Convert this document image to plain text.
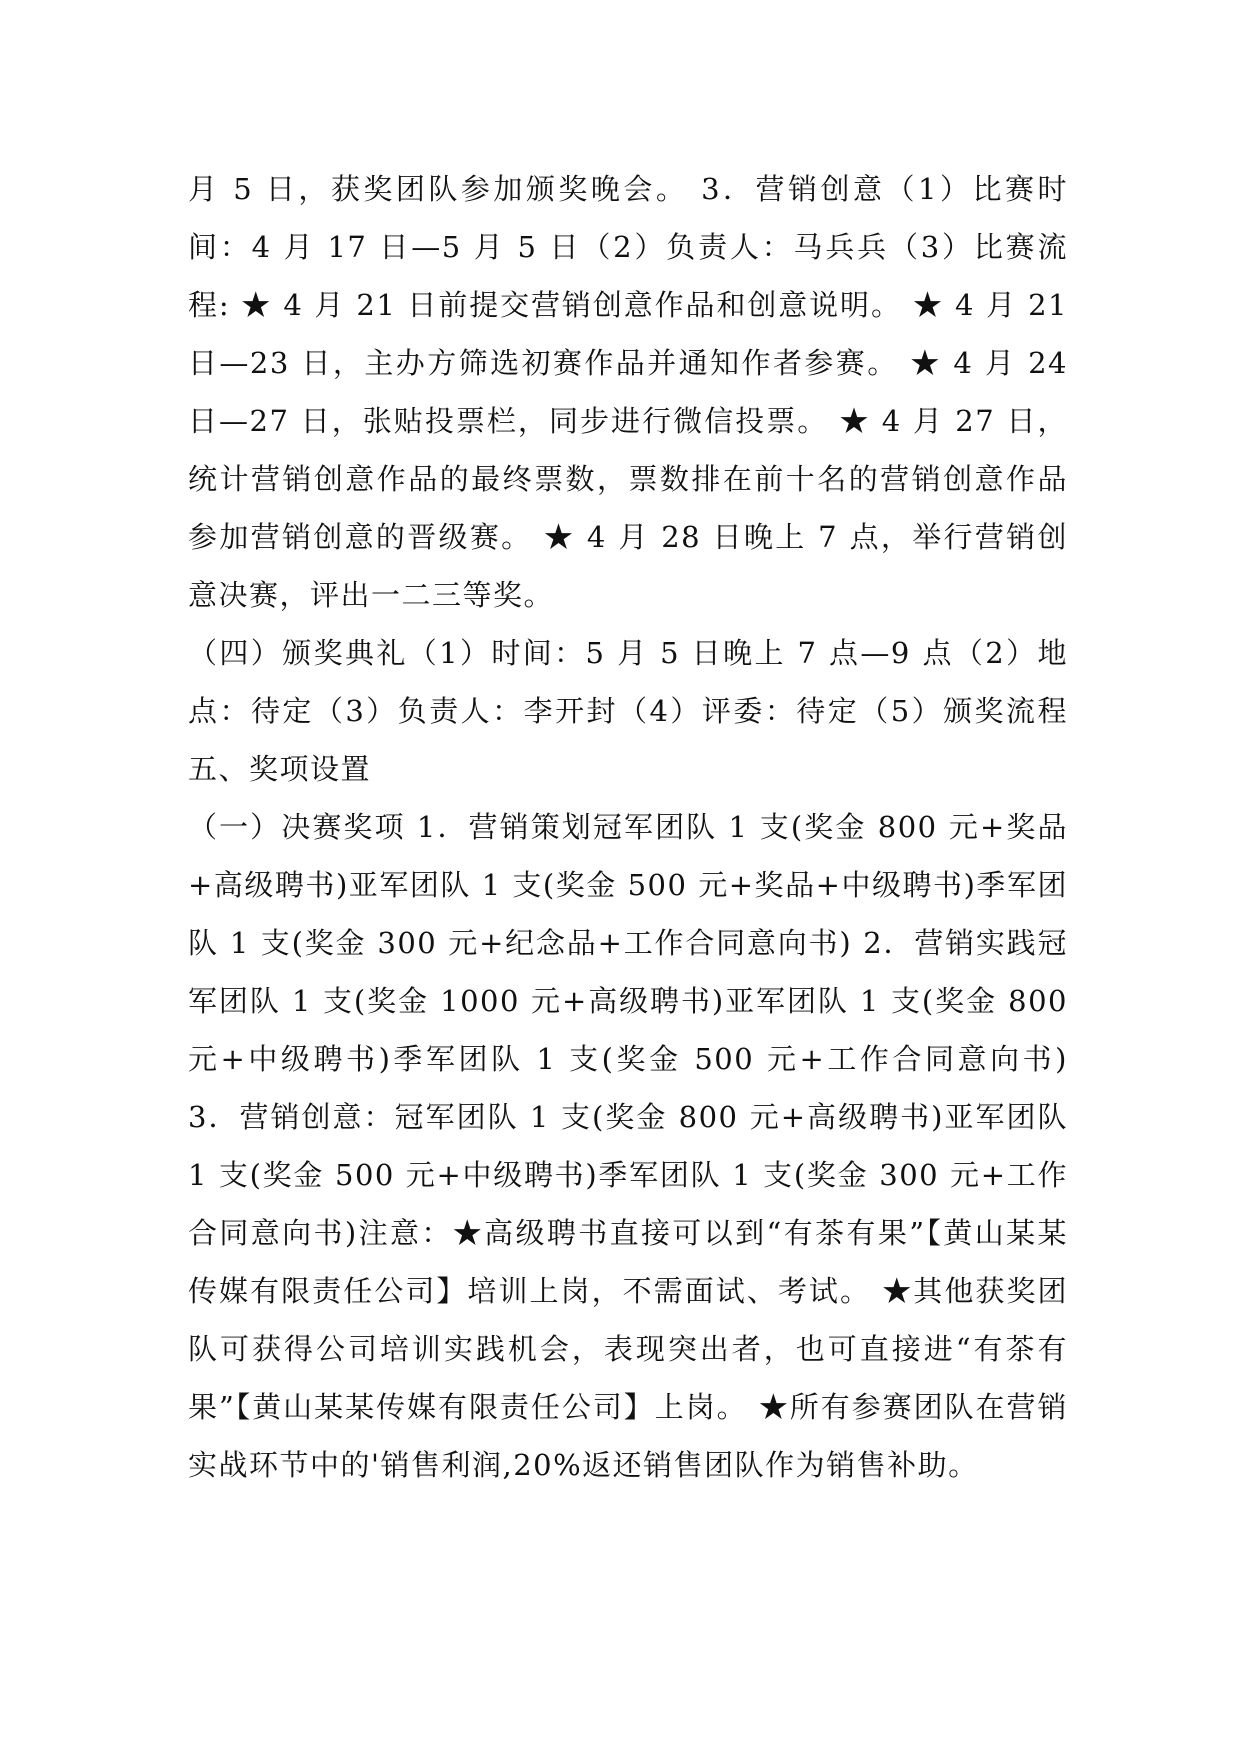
月 5 日，获奖团队参加颁奖晚会。 3．营销创意（1）比赛时间：4 月 17 日—5 月 5 日（2）负责人：马兵兵（3）比赛流程: ★ 4 月 21 日前提交营销创意作品和创意说明。 ★ 4 月 21 日—23 日，主办方筛选初赛作品并通知作者参赛。 ★ 4 月 24 日—27 日，张贴投票栏，同步进行微信投票。 ★ 4 月 27 日，统计营销创意作品的最终票数，票数排在前十名的营销创意作品参加营销创意的晋级赛。 ★ 4 月 28 日晚上 7 点，举行营销创意决赛，评出一二三等奖。

（四）颁奖典礼（1）时间：5 月 5 日晚上 7 点—9 点（2）地点：待定（3）负责人：李开封（4）评委：待定（5）颁奖流程五、奖项设置

（一）决赛奖项 1．营销策划冠军团队 1 支(奖金 800 元+奖品+高级聘书)亚军团队 1 支(奖金 500 元+奖品+中级聘书)季军团队 1 支(奖金 300 元+纪念品+工作合同意向书) 2．营销实践冠军团队 1 支(奖金 1000 元+高级聘书)亚军团队 1 支(奖金 800 元+中级聘书)季军团队 1 支(奖金 500 元+工作合同意向书) 3．营销创意：冠军团队 1 支(奖金 800 元+高级聘书)亚军团队 1 支(奖金 500 元+中级聘书)季军团队 1 支(奖金 300 元+工作合同意向书)注意：★高级聘书直接可以到“有茶有果”【黄山某某传媒有限责任公司】培训上岗，不需面试、考试。 ★其他获奖团队可获得公司培训实践机会，表现突出者，也可直接进“有茶有果”【黄山某某传媒有限责任公司】上岗。 ★所有参赛团队在营销实战环节中的'销售利润,20%返还销售团队作为销售补助。
